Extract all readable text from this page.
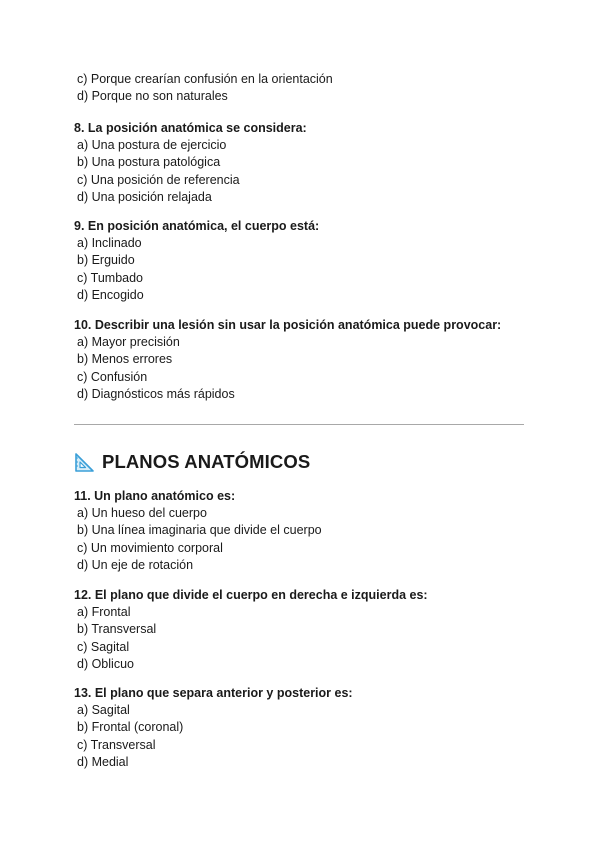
c) Porque crearían confusión en la orientación

d) Porque no son naturales

8. La posición anatómica se considera:

a) Una postura de ejercicio

b) Una postura patológica

c) Una posición de referencia

d) Una posición relajada

9. En posición anatómica, el cuerpo está:

a) Inclinado

b) Erguido

c) Tumbado

d) Encogido

10. Describir una lesión sin usar la posición anatómica puede provocar:

a) Mayor precisión

b) Menos errores

c) Confusión

d) Diagnósticos más rápidos

PLANOS ANATÓMICOS

11. Un plano anatómico es:

a) Un hueso del cuerpo

b) Una línea imaginaria que divide el cuerpo

c) Un movimiento corporal

d) Un eje de rotación

12. El plano que divide el cuerpo en derecha e izquierda es:

a) Frontal

b) Transversal

c) Sagital

d) Oblicuo

13. El plano que separa anterior y posterior es:

a) Sagital

b) Frontal (coronal)

c) Transversal

d) Medial
